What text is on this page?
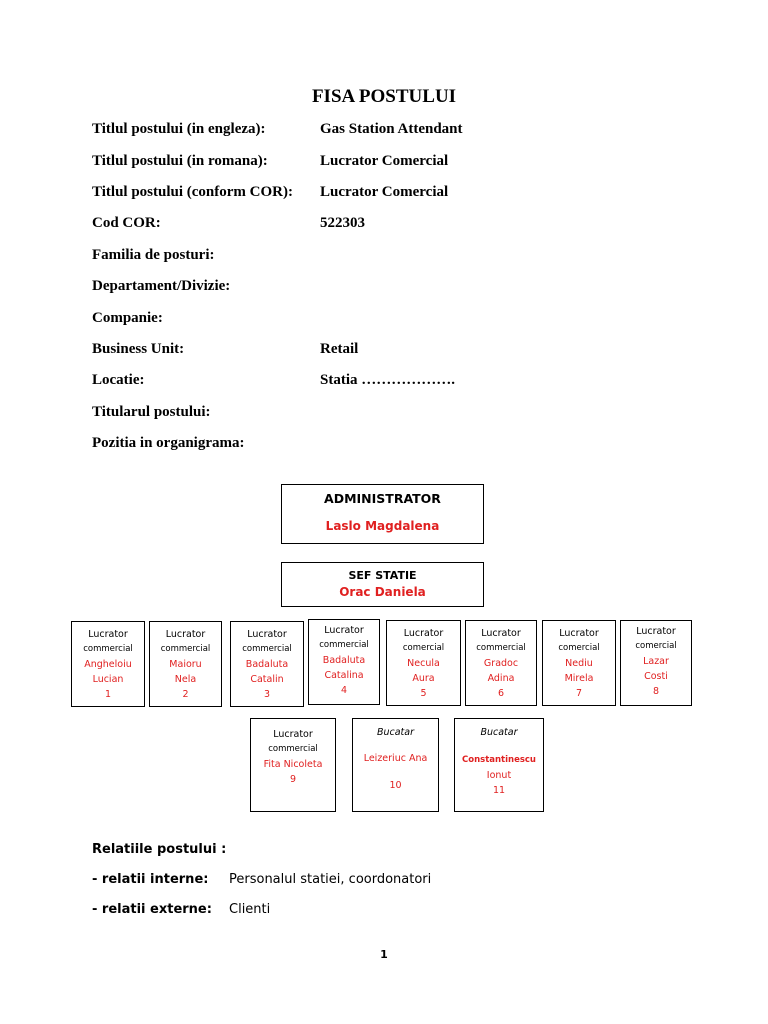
FISA POSTULUI
Titlul postului (in engleza):	Gas Station Attendant
Titlul postului (in romana):	Lucrator Comercial
Titlul postului (conform COR): Lucrator Comercial
Cod COR:	522303
Familia de posturi:
Departament/Divizie:
Companie:
Business Unit:	Retail
Locatie:	Statia ……………….
Titularul postului:
Pozitia in organigrama:
ADMINISTRATOR
Laslo Magdalena
SEF STATIE
Orac Daniela
Lucrator
commercial
Angheloiu
Lucian
1
Lucrator
commercial
Maioru
Nela
2
Lucrator
commercial
Badaluta
Catalin
3
Lucrator
commercial
Badaluta
Catalina
4
Lucrator
comercial
Necula
Aura
5
Lucrator
commercial
Gradoc
Adina
6
Lucrator
comercial
Nediu
Mirela
7
Lucrator
comercial
Lazar
Costi
8
Lucrator
commercial
Fita Nicoleta
9
Bucatar
Leizeriuc Ana
10
Bucatar
Constantinescu
Ionut
11
Relatiile postului :
- relatii interne: Personalul statiei, coordonatori
- relatii externe: Clienti
1
